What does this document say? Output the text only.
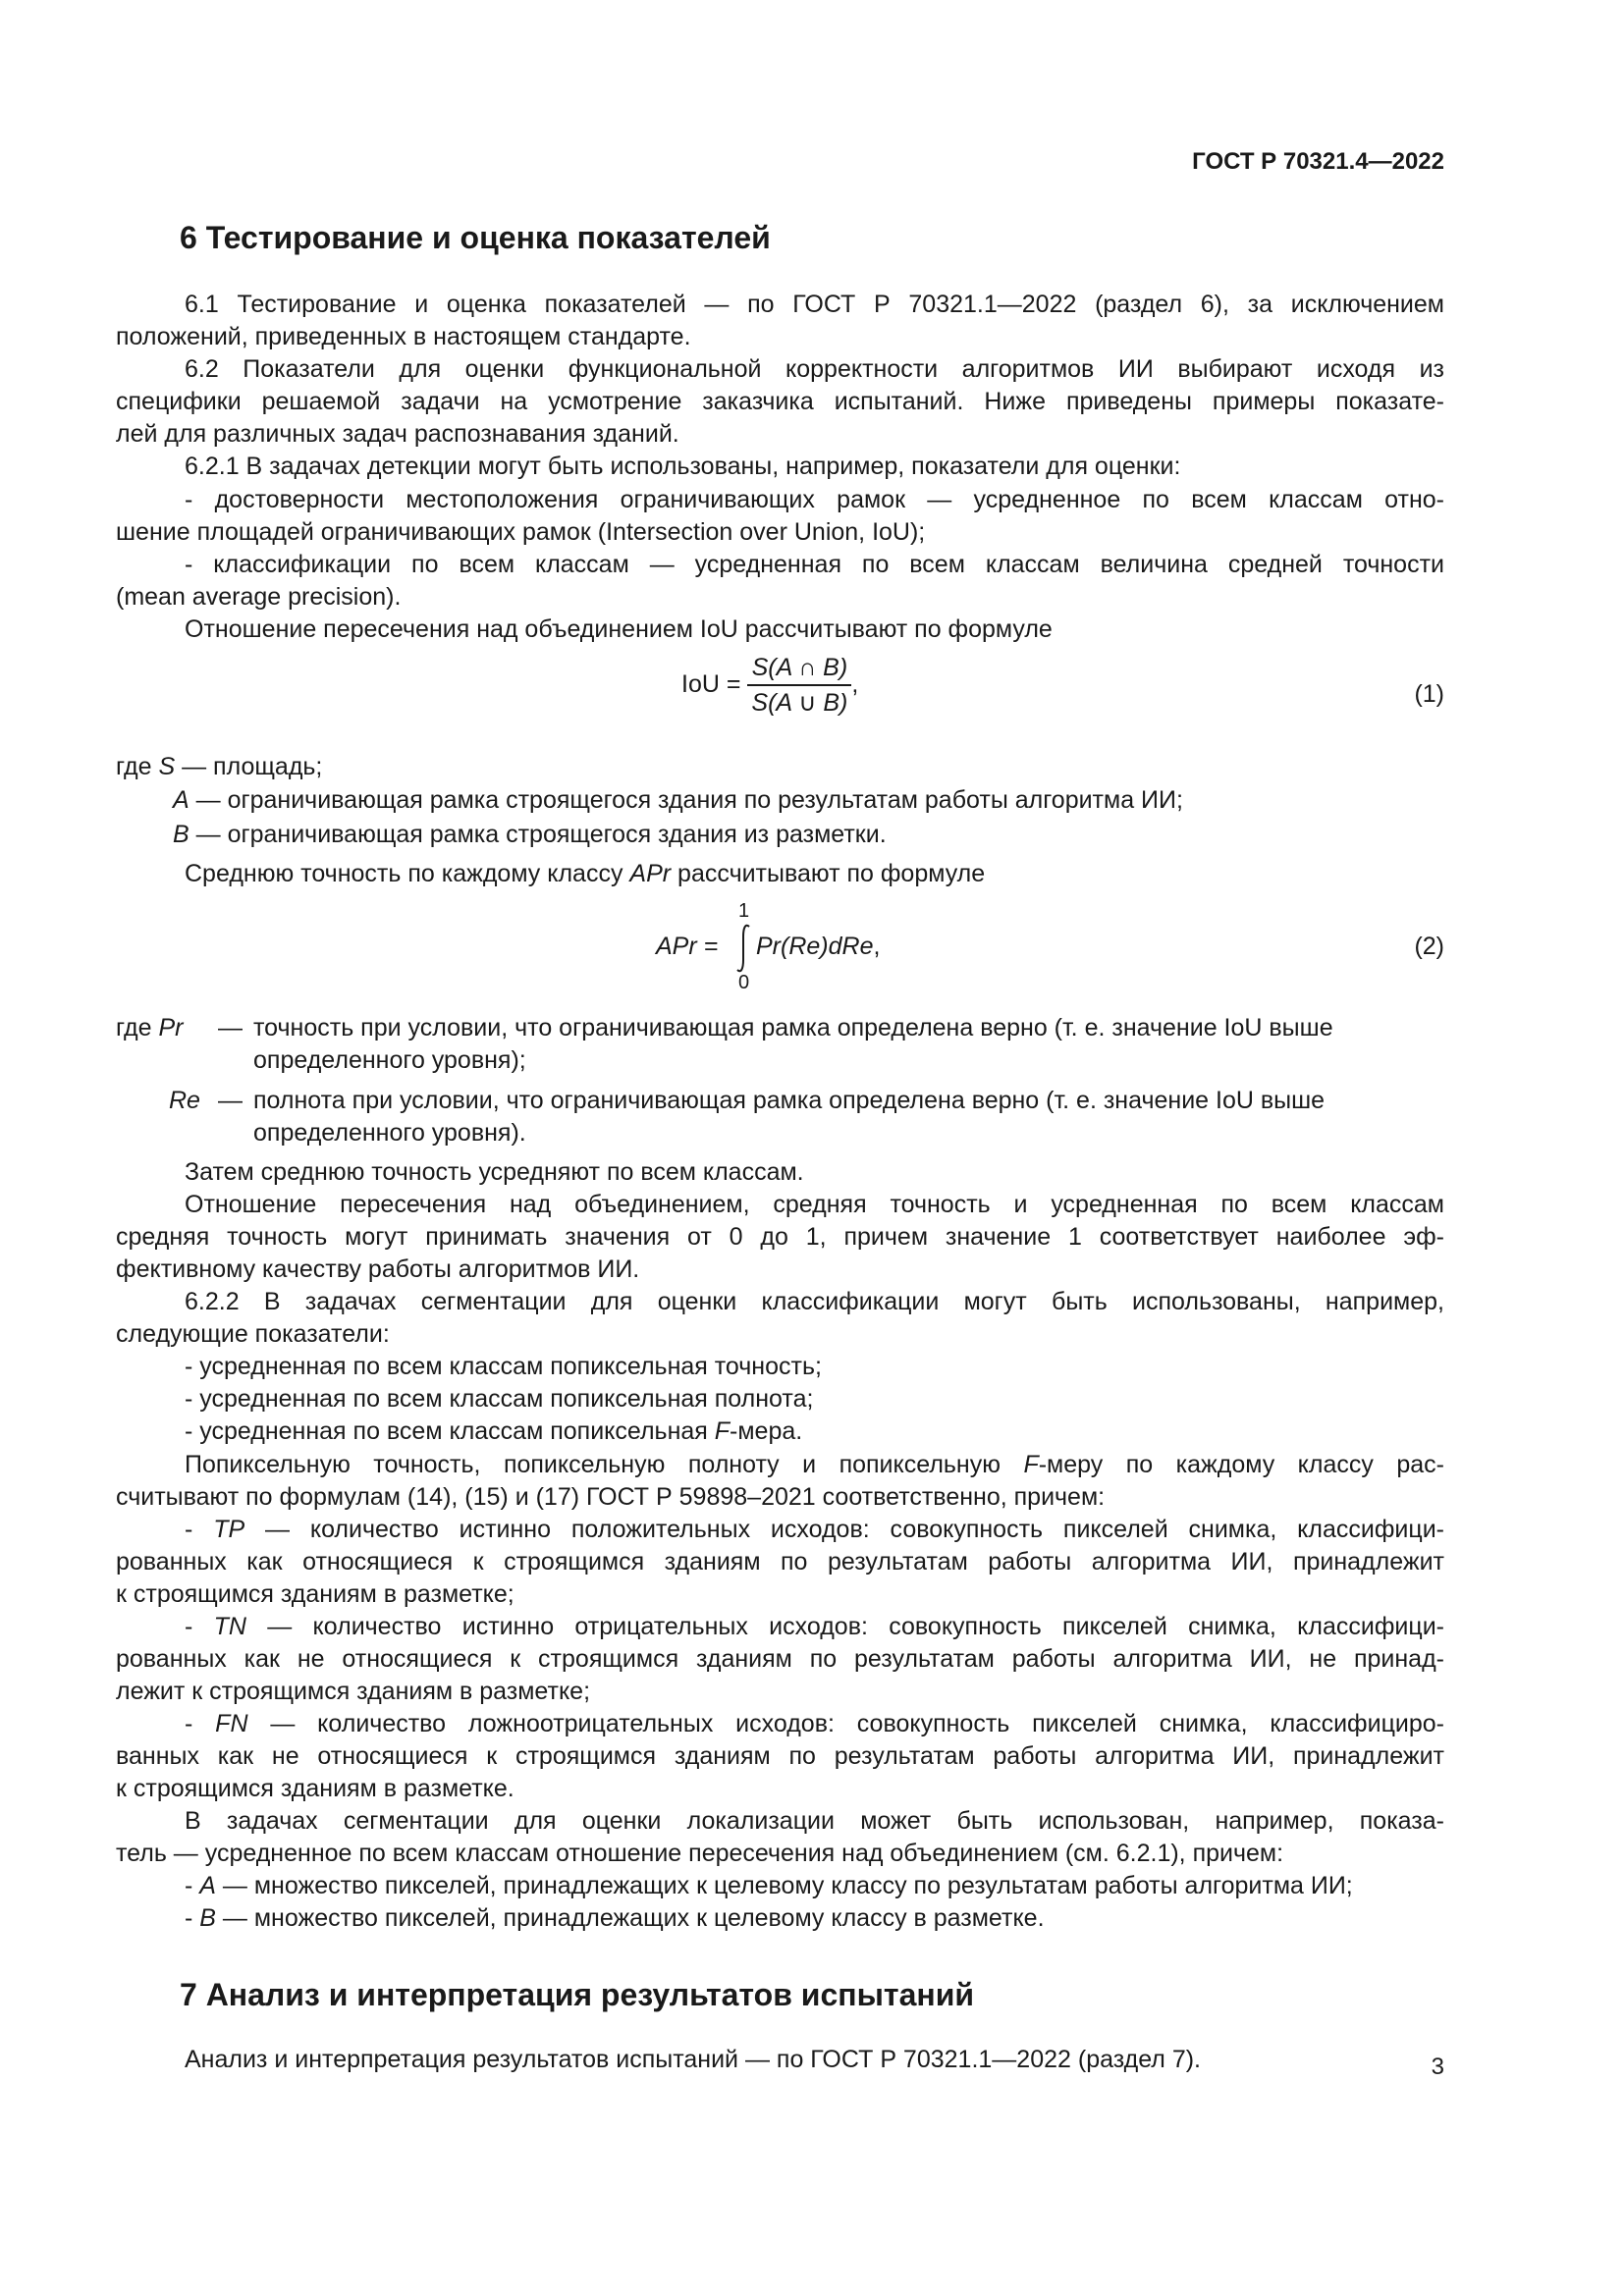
ГОСТ Р 70321.4—2022
6 Тестирование и оценка показателей
6.1 Тестирование и оценка показателей — по ГОСТ Р 70321.1—2022 (раздел 6), за исключением
положений, приведенных в настоящем стандарте.
6.2 Показатели для оценки функциональной корректности алгоритмов ИИ выбирают исходя из
специфики решаемой задачи на усмотрение заказчика испытаний. Ниже приведены примеры показате-
лей для различных задач распознавания зданий.
6.2.1 В задачах детекции могут быть использованы, например, показатели для оценки:
- достоверности местоположения ограничивающих рамок — усредненное по всем классам отно-
шение площадей ограничивающих рамок (Intersection over Union, IoU);
- классификации по всем классам — усредненная по всем классам величина средней точности
(mean average precision).
Отношение пересечения над объединением IoU рассчитывают по формуле
IoU = $\frac{S(A \cap B)}{S(A \cup B)}$ ,	(1)
где S — площадь;
A — ограничивающая рамка строящегося здания по результатам работы алгоритма ИИ;
B — ограничивающая рамка строящегося здания из разметки.
Среднюю точность по каждому классу APr рассчитывают по формуле
APr =
1
0
Pr(Re)dRe,	(2)
где Pr — точность при условии, что ограничивающая рамка определена верно (т. е. значение IoU выше
определенного уровня);
Re — полнота при условии, что ограничивающая рамка определена верно (т. е. значение IoU выше
определенного уровня).
Затем среднюю точность усредняют по всем классам.
Отношение пересечения над объединением, средняя точность и усредненная по всем классам
средняя точность могут принимать значения от 0 до 1, причем значение 1 соответствует наиболее эф-
фективному качеству работы алгоритмов ИИ.
6.2.2 В задачах сегментации для оценки классификации могут быть использованы, например,
следующие показатели:
- усредненная по всем классам попиксельная точность;
- усредненная по всем классам попиксельная полнота;
- усредненная по всем классам попиксельная F-мера.
Попиксельную точность, попиксельную полноту и попиксельную F-меру по каждому классу рас-
считывают по формулам (14), (15) и (17) ГОСТ Р 59898–2021 соответственно, причем:
- TP — количество истинно положительных исходов: совокупность пикселей снимка, классифици-
рованных как относящиеся к строящимся зданиям по результатам работы алгоритма ИИ, принадлежит
к строящимся зданиям в разметке;
- TN — количество истинно отрицательных исходов: совокупность пикселей снимка, классифици-
рованных как не относящиеся к строящимся зданиям по результатам работы алгоритма ИИ, не принад-
лежит к строящимся зданиям в разметке;
- FN — количество ложноотрицательных исходов: совокупность пикселей снимка, классифициро-
ванных как не относящиеся к строящимся зданиям по результатам работы алгоритма ИИ, принадлежит
к строящимся зданиям в разметке.
В задачах сегментации для оценки локализации может быть использован, например, показа-
тель — усредненное по всем классам отношение пересечения над объединением (см. 6.2.1), причем:
- A — множество пикселей, принадлежащих к целевому классу по результатам работы алгоритма ИИ;
- B — множество пикселей, принадлежащих к целевому классу в разметке.
7 Анализ и интерпретация результатов испытаний
Анализ и интерпретация результатов испытаний — по ГОСТ Р 70321.1—2022 (раздел 7).	3
